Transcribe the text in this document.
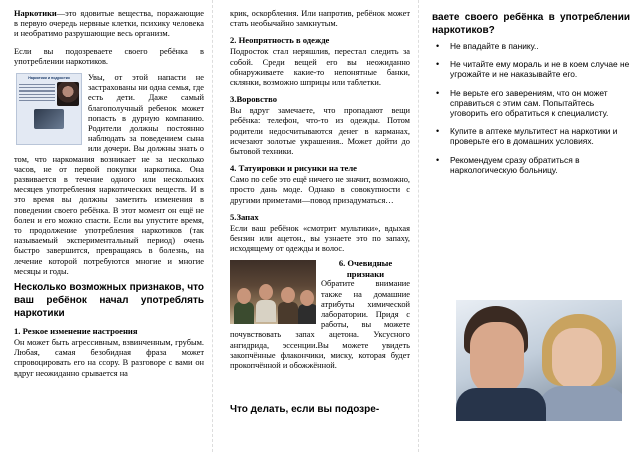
Наркотики—это ядовитые вещества, поражающие в первую очередь нервные клетки, психику человека и необратимо разрушающие весь организм.

Если вы подозреваете своего ребёнка в употреблении наркотиков.

Наркотики и подростки	Увы, от этой напасти не застрахованы ни одна семья, где есть дети. Даже самый благополучный ребенок может попасть в дурную компанию. Родители должны постоянно наблюдать за поведением сына или дочери. Вы должны знать о том, что наркомания возникает не за несколько часов, не от первой покупки наркотика. Она развивается в течение одного или нескольких месяцев употребления наркотических веществ. И в это время вы должны заметить изменения в поведении своего ребёнка. В этот момент он ещё не болен и его можно спасти. Если вы упустите время, то продолжение употребления наркотиков (так называемый экспериментальный период) очень быстро завершится, превращаясь в болезнь, на лечение которой потребуются многие и многие месяцы и годы.

Несколько возможных признаков, что ваш ребёнок начал употреблять наркотики

1. Резкое изменение настроения

Он может быть агрессивным, взвинченным, грубым. Любая, самая безобидная фраза может спровоцировать его на ссору. В разговоре с вами он вдруг неожиданно срывается на

крик, оскорбления. Или напротив, ребёнок может стать необычайно замкнутым.

2. Неопрятность в одежде

Подросток стал неряшлив, перестал следить за собой. Среди вещей его вы неожиданно обнаруживаете какие-то непонятные банки, склянки, возможно шприцы или таблетки.

3.Воровство

Вы вдруг замечаете, что пропадают вещи ребёнка: телефон, что-то из одежды. Потом родители недосчитываются денег в карманах, исчезают золотые украшения.. Может дойти до бытовой техники.

4. Татуировки и рисунки на теле

Само по себе это ещё ничего не значит, возможно, просто дань моде. Однако в совокупности с другими приметами—повод призадуматься…

5.Запах

Если ваш ребёнок «смотрит мультики», вдыхая бензин или ацетон., вы узнаете это по запаху, исходящему от одежды и волос.

6. Очевидные
признаки

Обратите внимание также на домашние атрибуты химической лаборатории. Придя с работы, вы можете почувствовать запах ацетона. Уксусного ангидрида, эссенции.Вы можете увидеть закопчённые флакончики, миску, которая будет прокопчённой и обожжённой.

Что делать, если вы подозре-

ваете своего ребёнка в употреблении наркотиков?

• Не впадайте в панику..
• Не читайте ему мораль и не в коем случае не угрожайте и не наказывайте его.
• Не верьте его заверениям, что он может справиться с этим сам. Попытайтесь уговорить его обратиться к специалисту.
• Купите в аптеке мультитест на наркотики и проверьте его в домашних условиях.
• Рекомендуем сразу обратиться в наркологическую больницу.
